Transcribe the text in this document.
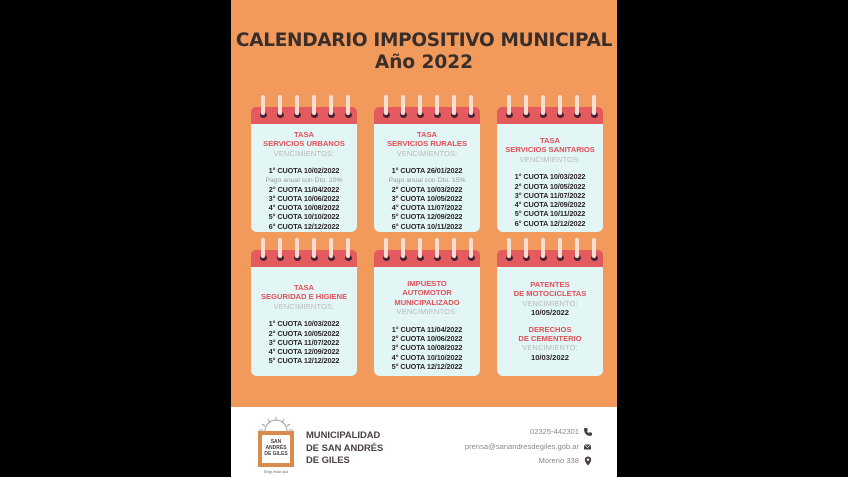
CALENDARIO IMPOSITIVO MUNICIPAL
Año 2022
TASA
SERVICIOS URBANOS
VENCIMIENTOS:
1° CUOTA 10/02/2022
Pago anual con Dto. 20%
2° CUOTA 11/04/2022
3° CUOTA 10/06/2022
4° CUOTA 10/08/2022
5° CUOTA 10/10/2022
6° CUOTA 12/12/2022
TASA
SERVICIOS RURALES
VENCIMIENTOS:
1° CUOTA 26/01/2022
Pago anual con Dto. 15%
2° CUOTA 10/03/2022
3° CUOTA 10/05/2022
4° CUOTA 11/07/2022
5° CUOTA 12/09/2022
6° CUOTA 10/11/2022
TASA
SERVICIOS SANITARIOS
VENCIMIENTOS:
1° CUOTA 10/03/2022
2° CUOTA 10/05/2022
3° CUOTA 11/07/2022
4° CUOTA 12/09/2022
5° CUOTA 10/11/2022
6° CUOTA 12/12/2022
TASA
SEGURIDAD E HIGIENE
VENCIMIENTOS:
1° CUOTA 10/03/2022
2° CUOTA 10/05/2022
3° CUOTA 11/07/2022
4° CUOTA 12/09/2022
5° CUOTA 12/12/2022
IMPUESTO
AUTOMOTOR
MUNICIPALIZADO
VENCIMIENTOS:
1° CUOTA 11/04/2022
2° CUOTA 10/06/2022
3° CUOTA 10/08/2022
4° CUOTA 10/10/2022
5° CUOTA 12/12/2022
PATENTES
DE MOTOCICLETAS
VENCIMIENTO:
10/05/2022
DERECHOS
DE CEMENTERIO
VENCIMIENTO:
10/03/2022
SAN
ANDRÉS
DE GILES
Elegí estar acá
MUNICIPALIDAD
DE SAN ANDRÉS
DE GILES
02325-442301
prensa@sanandresdegiles.gob.ar
Moreno 338
